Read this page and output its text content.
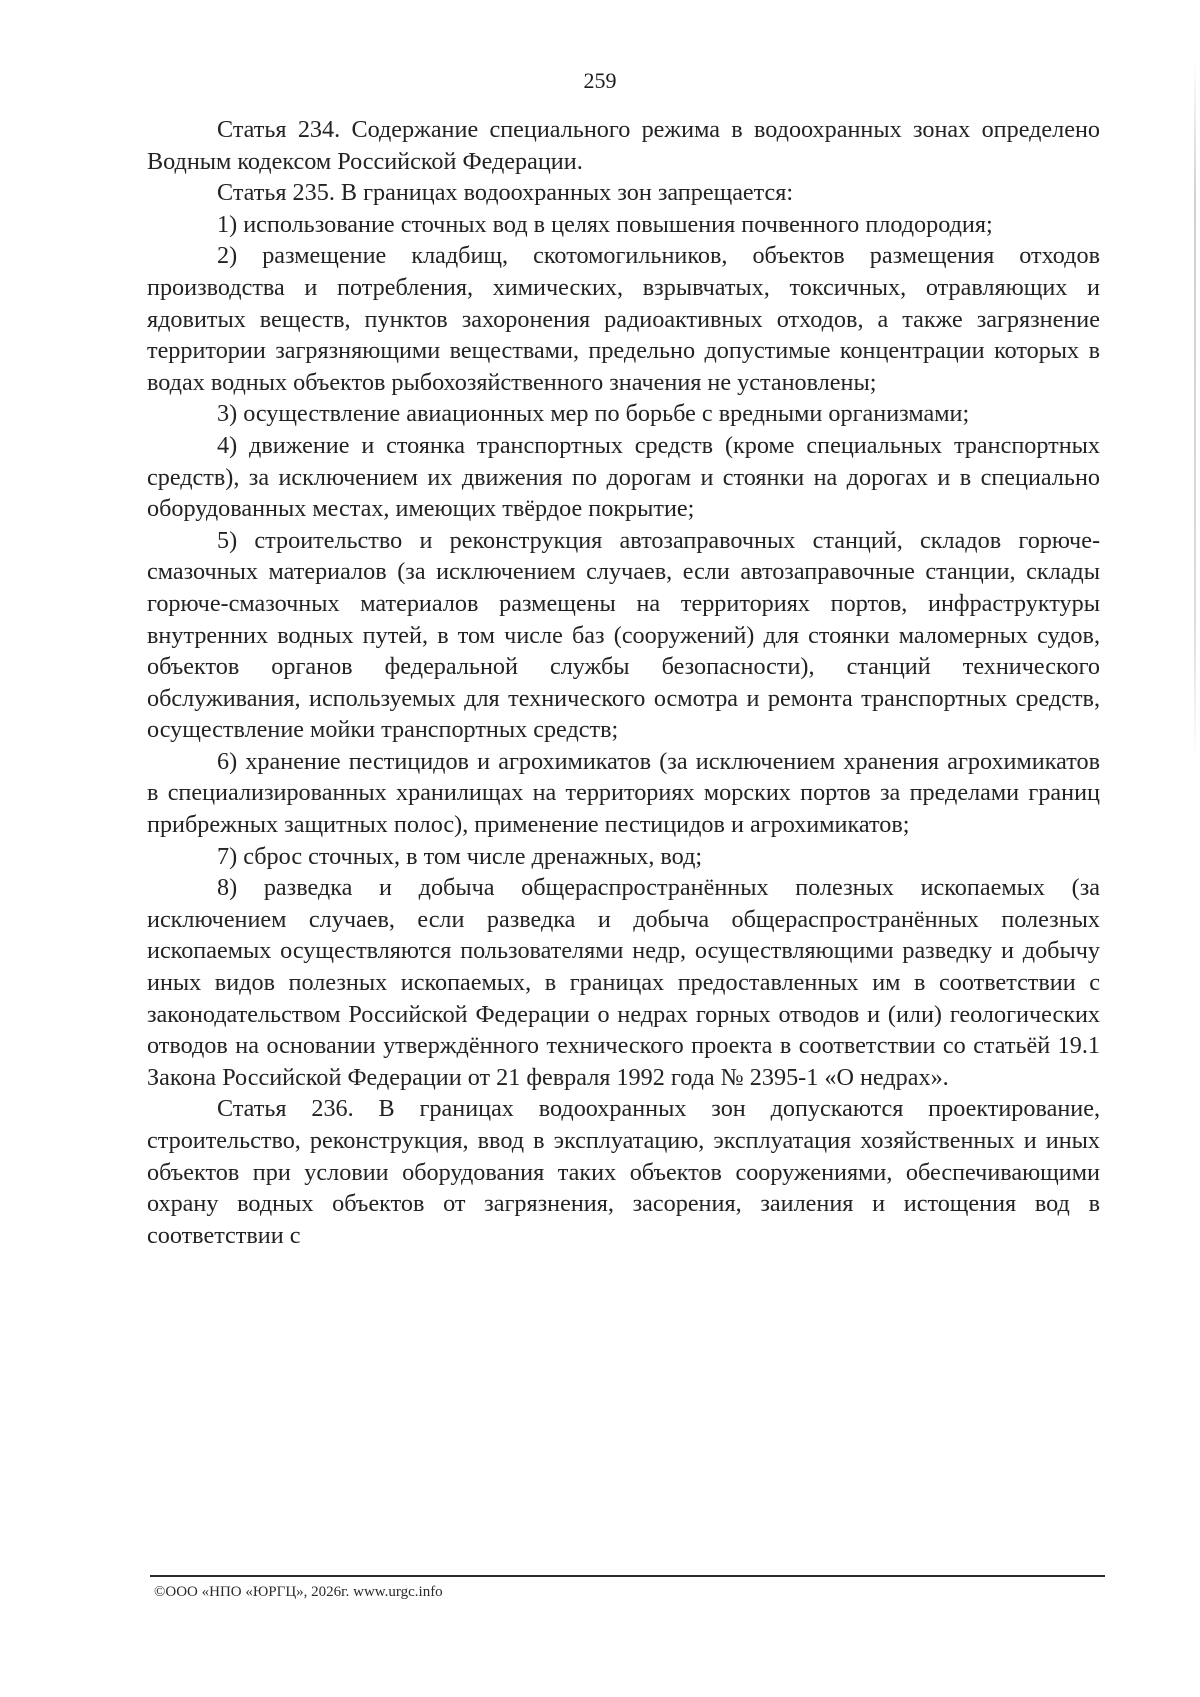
259

Статья 234. Содержание специального режима в водоохранных зонах определено Водным кодексом Российской Федерации.

Статья 235. В границах водоохранных зон запрещается:

1) использование сточных вод в целях повышения почвенного плодородия;

2) размещение кладбищ, скотомогильников, объектов размещения отходов производства и потребления, химических, взрывчатых, токсичных, отравляющих и ядовитых веществ, пунктов захоронения радиоактивных отходов, а также загрязнение территории загрязняющими веществами, предельно допустимые концентрации которых в водах водных объектов рыбохозяйственного значения не установлены;

3) осуществление авиационных мер по борьбе с вредными организмами;

4) движение и стоянка транспортных средств (кроме специальных транспортных средств), за исключением их движения по дорогам и стоянки на дорогах и в специально оборудованных местах, имеющих твёрдое покрытие;

5) строительство и реконструкция автозаправочных станций, складов горюче-смазочных материалов (за исключением случаев, если автозаправочные станции, склады горюче-смазочных материалов размещены на территориях портов, инфраструктуры внутренних водных путей, в том числе баз (сооружений) для стоянки маломерных судов, объектов органов федеральной службы безопасности), станций технического обслуживания, используемых для технического осмотра и ремонта транспортных средств, осуществление мойки транспортных средств;

6) хранение пестицидов и агрохимикатов (за исключением хранения агрохимикатов в специализированных хранилищах на территориях морских портов за пределами границ прибрежных защитных полос), применение пестицидов и агрохимикатов;

7) сброс сточных, в том числе дренажных, вод;

8) разведка и добыча общераспространённых полезных ископаемых (за исключением случаев, если разведка и добыча общераспространённых полезных ископаемых осуществляются пользователями недр, осуществляющими разведку и добычу иных видов полезных ископаемых, в границах предоставленных им в соответствии с законодательством Российской Федерации о недрах горных отводов и (или) геологических отводов на основании утверждённого технического проекта в соответствии со статьёй 19.1 Закона Российской Федерации от 21 февраля 1992 года № 2395-1 «О недрах».

Статья 236. В границах водоохранных зон допускаются проектирование, строительство, реконструкция, ввод в эксплуатацию, эксплуатация хозяйственных и иных объектов при условии оборудования таких объектов сооружениями, обеспечивающими охрану водных объектов от загрязнения, засорения, заиления и истощения вод в соответствии с

©ООО «НПО «ЮРГЦ», 2026г. www.urgc.info
